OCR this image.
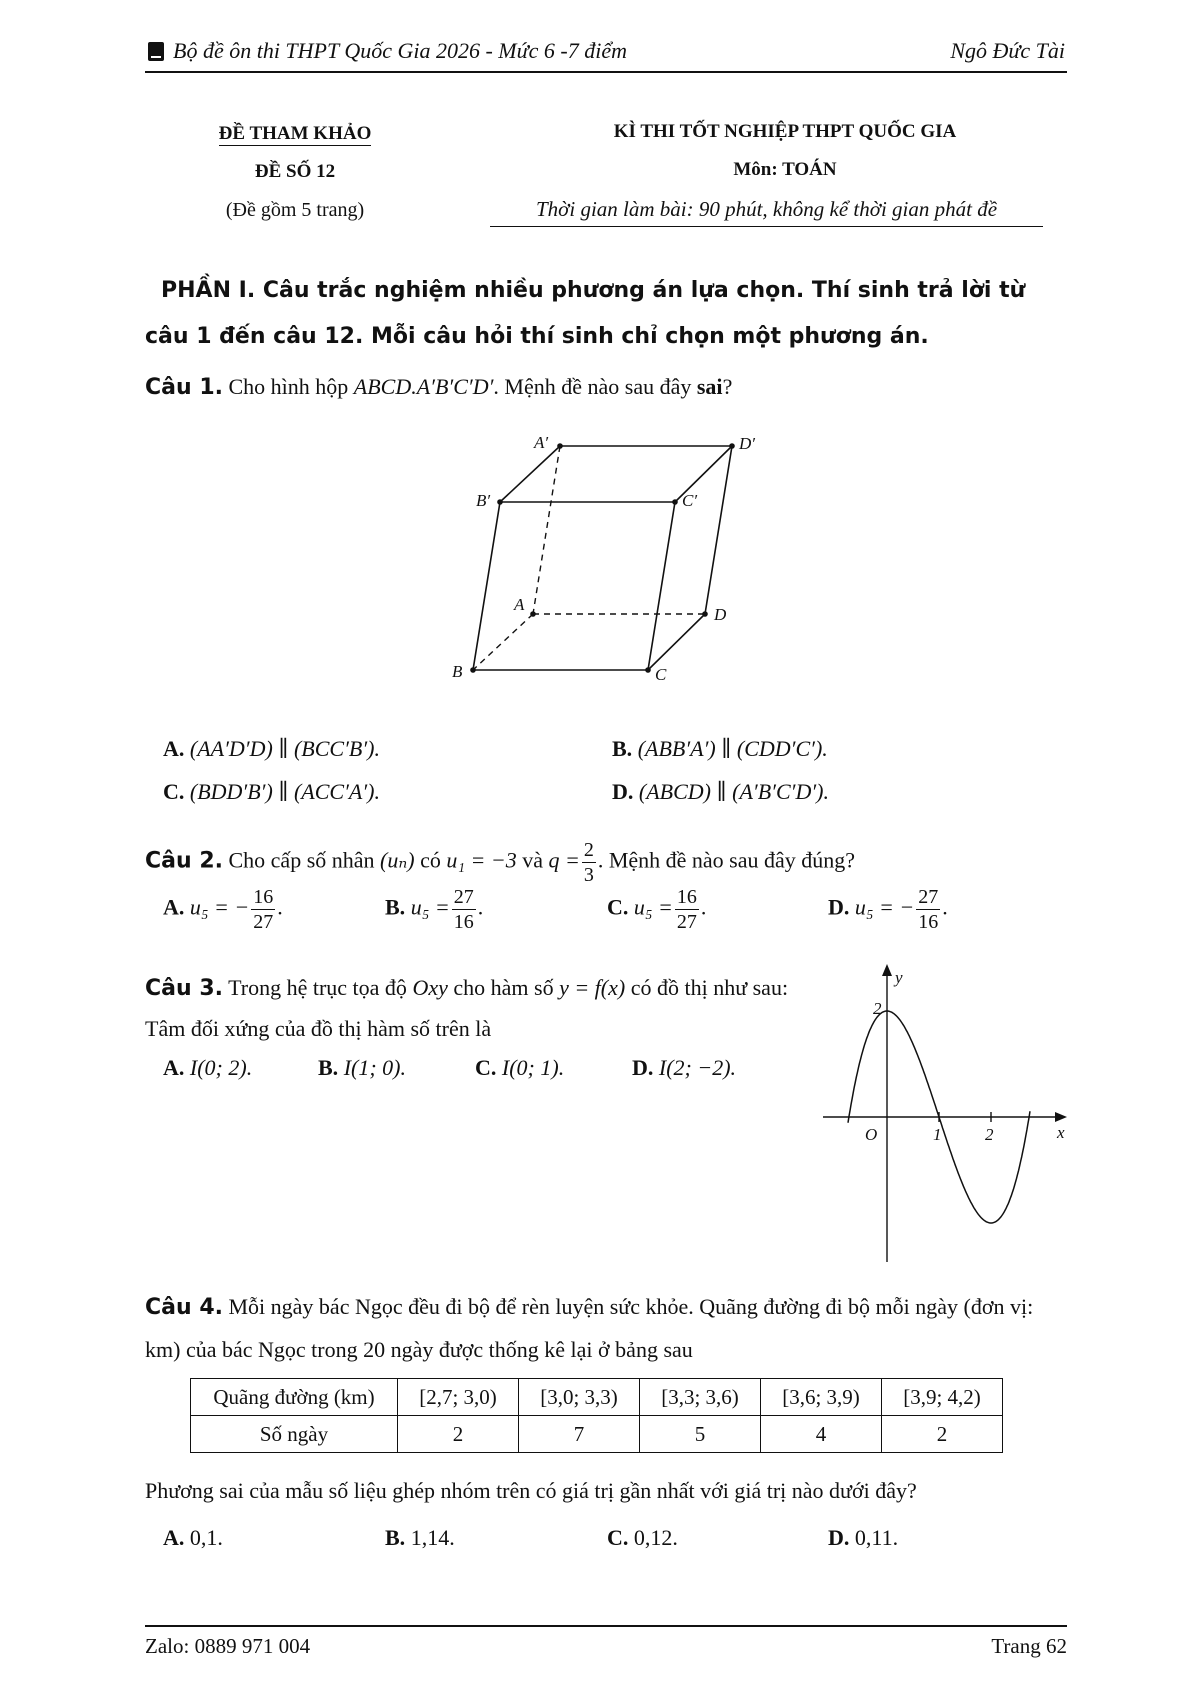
Bộ đề ôn thi THPT Quốc Gia 2026 - Mức 6 -7 điểm	Ngô Đức Tài
ĐỀ THAM KHẢO
ĐỀ SỐ 12
(Đề gồm 5 trang)
KÌ THI TỐT NGHIỆP THPT QUỐC GIA
Môn: TOÁN
Thời gian làm bài: 90 phút, không kể thời gian phát đề
PHẦN I. Câu trắc nghiệm nhiều phương án lựa chọn. Thí sinh trả lời từ câu 1 đến câu 12. Mỗi câu hỏi thí sinh chỉ chọn một phương án.
Câu 1. Cho hình hộp ABCD.A′B′C′D′. Mệnh đề nào sau đây sai?
A′	D′
B′	C′
A
D
B	C
A. (AA′D′D) ∥ (BCC′B′).	B. (ABB′A′) ∥ (CDD′C′).
C. (BDD′B′) ∥ (ACC′A′).	D. (ABCD) ∥ (A′B′C′D′).
Câu 2. Cho cấp số nhân (uₙ) có u₁ = −3 và $q = \frac{2}{3}$ . Mệnh đề nào sau đây đúng?
A. u₅ = − $\frac{16}{27}$ .	B. $u_5 = \frac{27}{16}$ .	C. $u_5 = \frac{16}{27}$ .	D. u₅ = − $\frac{27}{16}$ .
Câu 3. Trong hệ trục tọa độ Oxy cho hàm số y = f(x) có đồ thị như sau: Tâm đối xứng của đồ thị hàm số trên là
A. I(0; 2).	B. I(1; 0).	C. I(0; 1).	D. I(2; −2).
x
y
O	1	2
2
Câu 4. Mỗi ngày bác Ngọc đều đi bộ để rèn luyện sức khỏe. Quãng đường đi bộ mỗi ngày (đơn vị: km) của bác Ngọc trong 20 ngày được thống kê lại ở bảng sau
Quãng đường (km)	[2,7; 3,0)	[3,0; 3,3)	[3,3; 3,6)	[3,6; 3,9)	[3,9; 4,2)
Số ngày	2	7	5	4	2
Phương sai của mẫu số liệu ghép nhóm trên có giá trị gần nhất với giá trị nào dưới đây?
A. 0,1.	B. 1,14.	C. 0,12.	D. 0,11.
Zalo: 0889 971 004	Trang 62
